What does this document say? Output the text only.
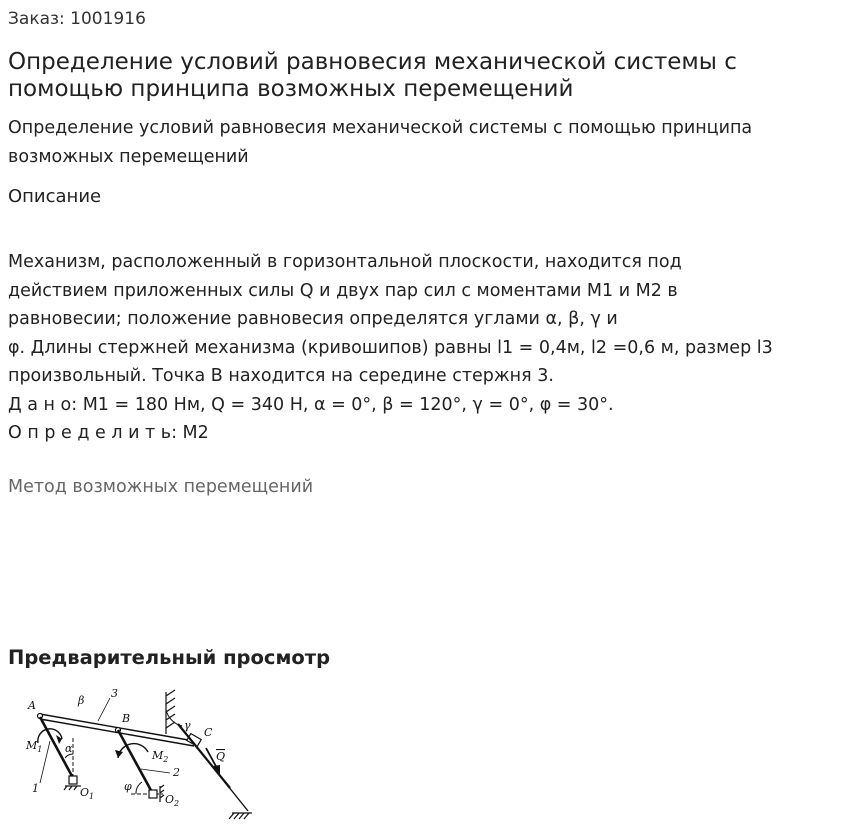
Заказ: 1001916
Определение условий равновесия механической системы с помощью принципа возможных перемещений
Определение условий равновесия механической системы с помощью принципа возможных перемещений
Описание
Механизм, расположенный в горизонтальной плоскости, находится под
действием приложенных силы Q и двух пар сил с моментами M1 и M2 в
равновесии; положение равновесия определятся углами α, β, γ и
φ. Длины стержней механизма (кривошипов) равны l1 = 0,4м, l2 =0,6 м, размер l3
произвольный. Точка B находится на середине стержня 3.
Д а н о: M1 = 180 Нм, Q = 340 Н, α = 0°, β = 120°, γ = 0°, φ = 30°.
О п р е д е л и т ь: M2
Метод возможных перемещений
Предварительный просмотр
A	β
3
B
γ
C
Q
$M_1$ α
$M_2$
2
1	φ
$O_1$	$O_2$
